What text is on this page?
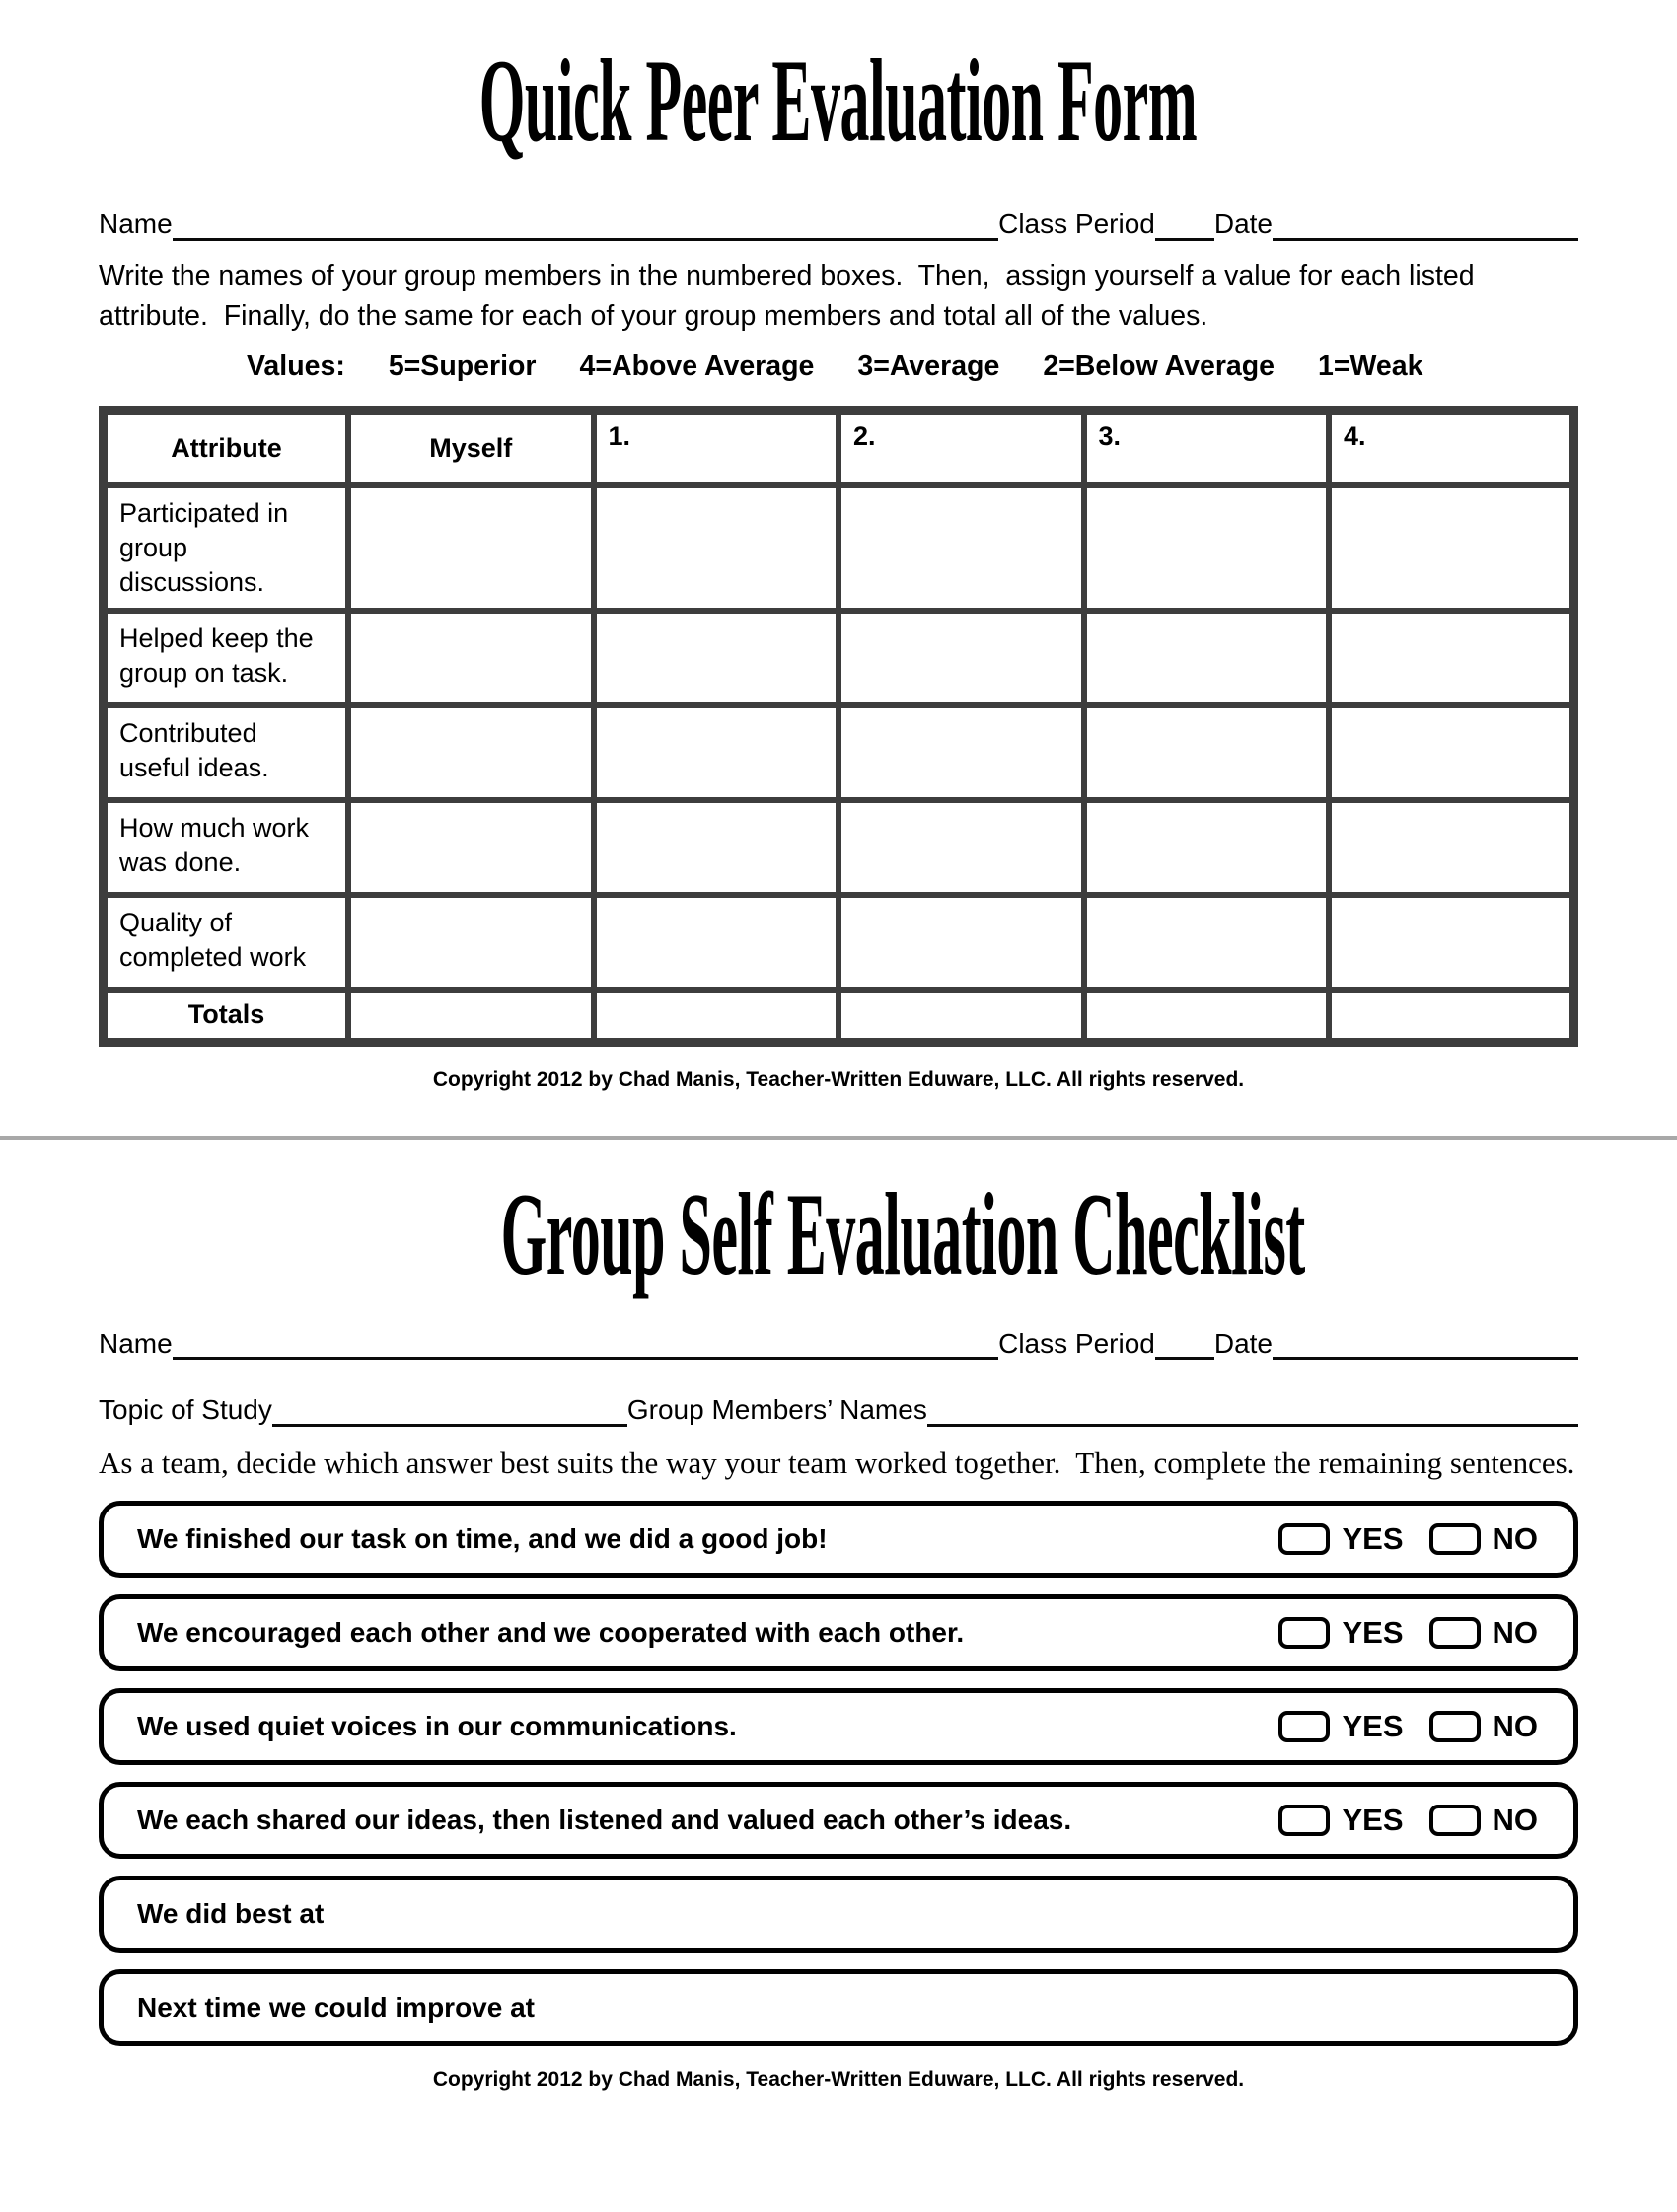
Quick Peer Evaluation Form
Name	Class Period Date

Write the names of your group members in the numbered boxes.  Then,  assign yourself a value for each listed attribute.  Finally, do the same for each of your group members and total all of the values.

Values: 5=Superior 4=Above Average 3=Average 2=Below Average 1=Weak
Attribute	Myself	1.	2.	3.	4.
Participated in group discussions.					
Helped keep the group on task.					
Contributed useful ideas.					
How much work was done.					
Quality of completed work					
Totals					

Copyright 2012 by Chad Manis, Teacher-Written Eduware, LLC. All rights reserved.

Group Self Evaluation Checklist
Name	Class Period Date
Topic of Study	Group Members’ Names

As a team, decide which answer best suits the way your team worked together.  Then, complete the remaining sentences.

We finished our task on time, and we did a good job!	YES	NO
We encouraged each other and we cooperated with each other.	YES	NO
We used quiet voices in our communications.	YES	NO
We each shared our ideas, then listened and valued each other’s ideas.	YES	NO
We did best at
Next time we could improve at

Copyright 2012 by Chad Manis, Teacher-Written Eduware, LLC. All rights reserved.
